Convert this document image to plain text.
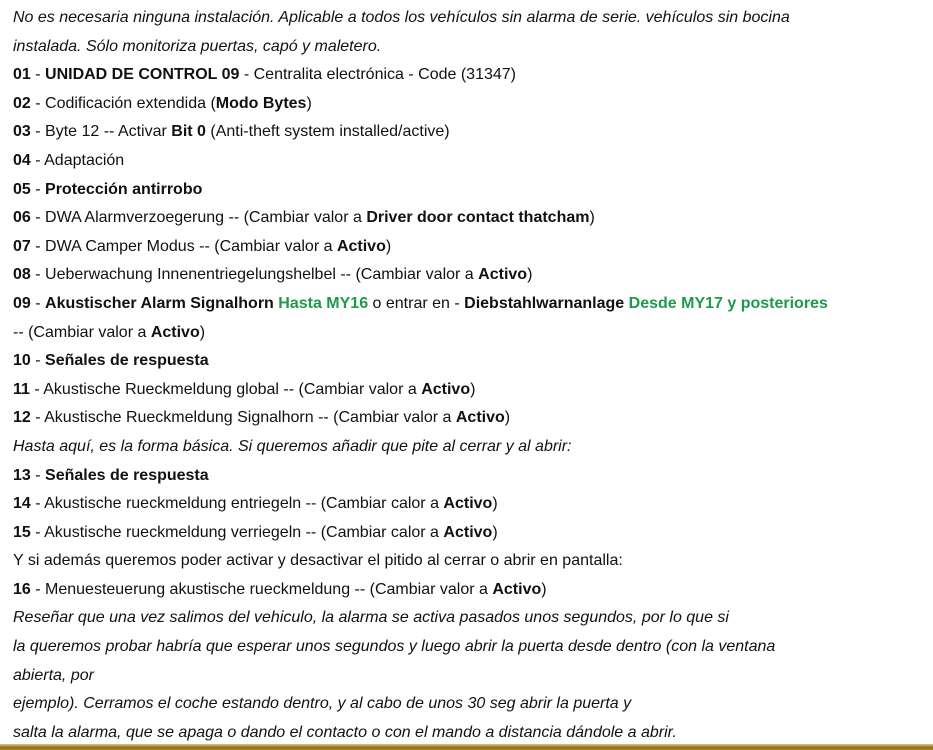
No es necesaria ninguna instalación. Aplicable a todos los vehículos sin alarma de serie. vehículos sin bocina
instalada. Sólo monitoriza puertas, capó y maletero.
01 - UNIDAD DE CONTROL 09 - Centralita electrónica - Code (31347)
02 - Codificación extendida (Modo Bytes)
03 - Byte 12 -- Activar Bit 0 (Anti-theft system installed/active)
04 - Adaptación
05 - Protección antirrobo
06 - DWA Alarmverzoegerung -- (Cambiar valor a Driver door contact thatcham)
07 - DWA Camper Modus -- (Cambiar valor a Activo)
08 - Ueberwachung Innenentriegelungshelbel -- (Cambiar valor a Activo)
09 - Akustischer Alarm Signalhorn Hasta MY16 o entrar en - Diebstahlwarnanlage Desde MY17 y posteriores
-- (Cambiar valor a Activo)
10 - Señales de respuesta
11 - Akustische Rueckmeldung global -- (Cambiar valor a Activo)
12 - Akustische Rueckmeldung Signalhorn -- (Cambiar valor a Activo)
Hasta aquí, es la forma básica. Si queremos añadir que pite al cerrar y al abrir:
13 - Señales de respuesta
14 - Akustische rueckmeldung entriegeln -- (Cambiar calor a Activo)
15 - Akustische rueckmeldung verriegeln -- (Cambiar calor a Activo)
Y si además queremos poder activar y desactivar el pitido al cerrar o abrir en pantalla:
16 - Menuesteuerung akustische rueckmeldung -- (Cambiar valor a Activo)
Reseñar que una vez salimos del vehiculo, la alarma se activa pasados unos segundos, por lo que si
la queremos probar habría que esperar unos segundos y luego abrir la puerta desde dentro (con la ventana
abierta, por
ejemplo). Cerramos el coche estando dentro, y al cabo de unos 30 seg abrir la puerta y
salta la alarma, que se apaga o dando el contacto o con el mando a distancia dándole a abrir.
